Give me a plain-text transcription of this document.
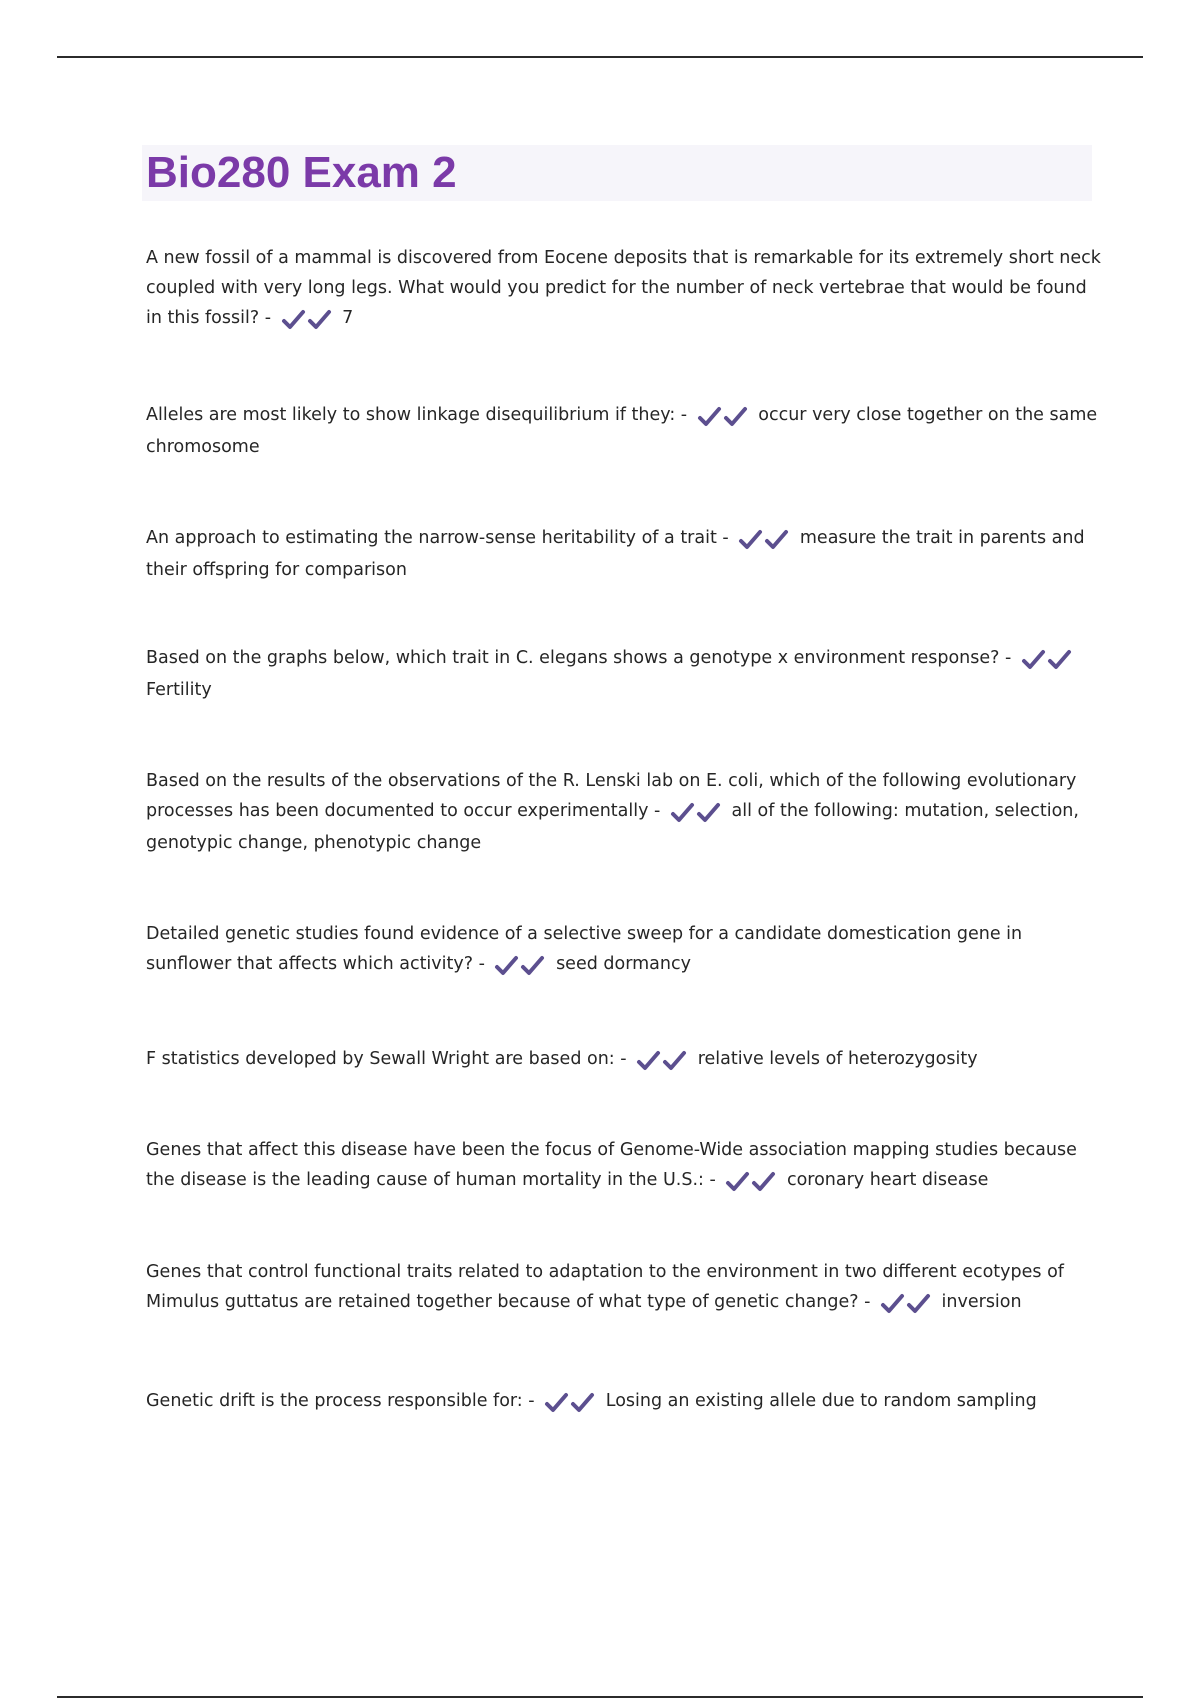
Bio280 Exam 2

A new fossil of a mammal is discovered from Eocene deposits that is remarkable for its extremely short neck coupled with very long legs. What would you predict for the number of neck vertebrae that would be found in this fossil? -	7

Alleles are most likely to show linkage disequilibrium if they: -	occur very close together on the same chromosome

An approach to estimating the narrow-sense heritability of a trait -	measure the trait in parents and their offspring for comparison

Based on the graphs below, which trait in C. elegans shows a genotype x environment response? -
Fertility

Based on the results of the observations of the R. Lenski lab on E. coli, which of the following evolutionary processes has been documented to occur experimentally -	all of the following: mutation, selection, genotypic change, phenotypic change

Detailed genetic studies found evidence of a selective sweep for a candidate domestication gene in sunflower that affects which activity? -	seed dormancy

F statistics developed by Sewall Wright are based on: -	relative levels of heterozygosity

Genes that affect this disease have been the focus of Genome-Wide association mapping studies because the disease is the leading cause of human mortality in the U.S.: -	coronary heart disease

Genes that control functional traits related to adaptation to the environment in two different ecotypes of Mimulus guttatus are retained together because of what type of genetic change? -	inversion

Genetic drift is the process responsible for: -	Losing an existing allele due to random sampling
